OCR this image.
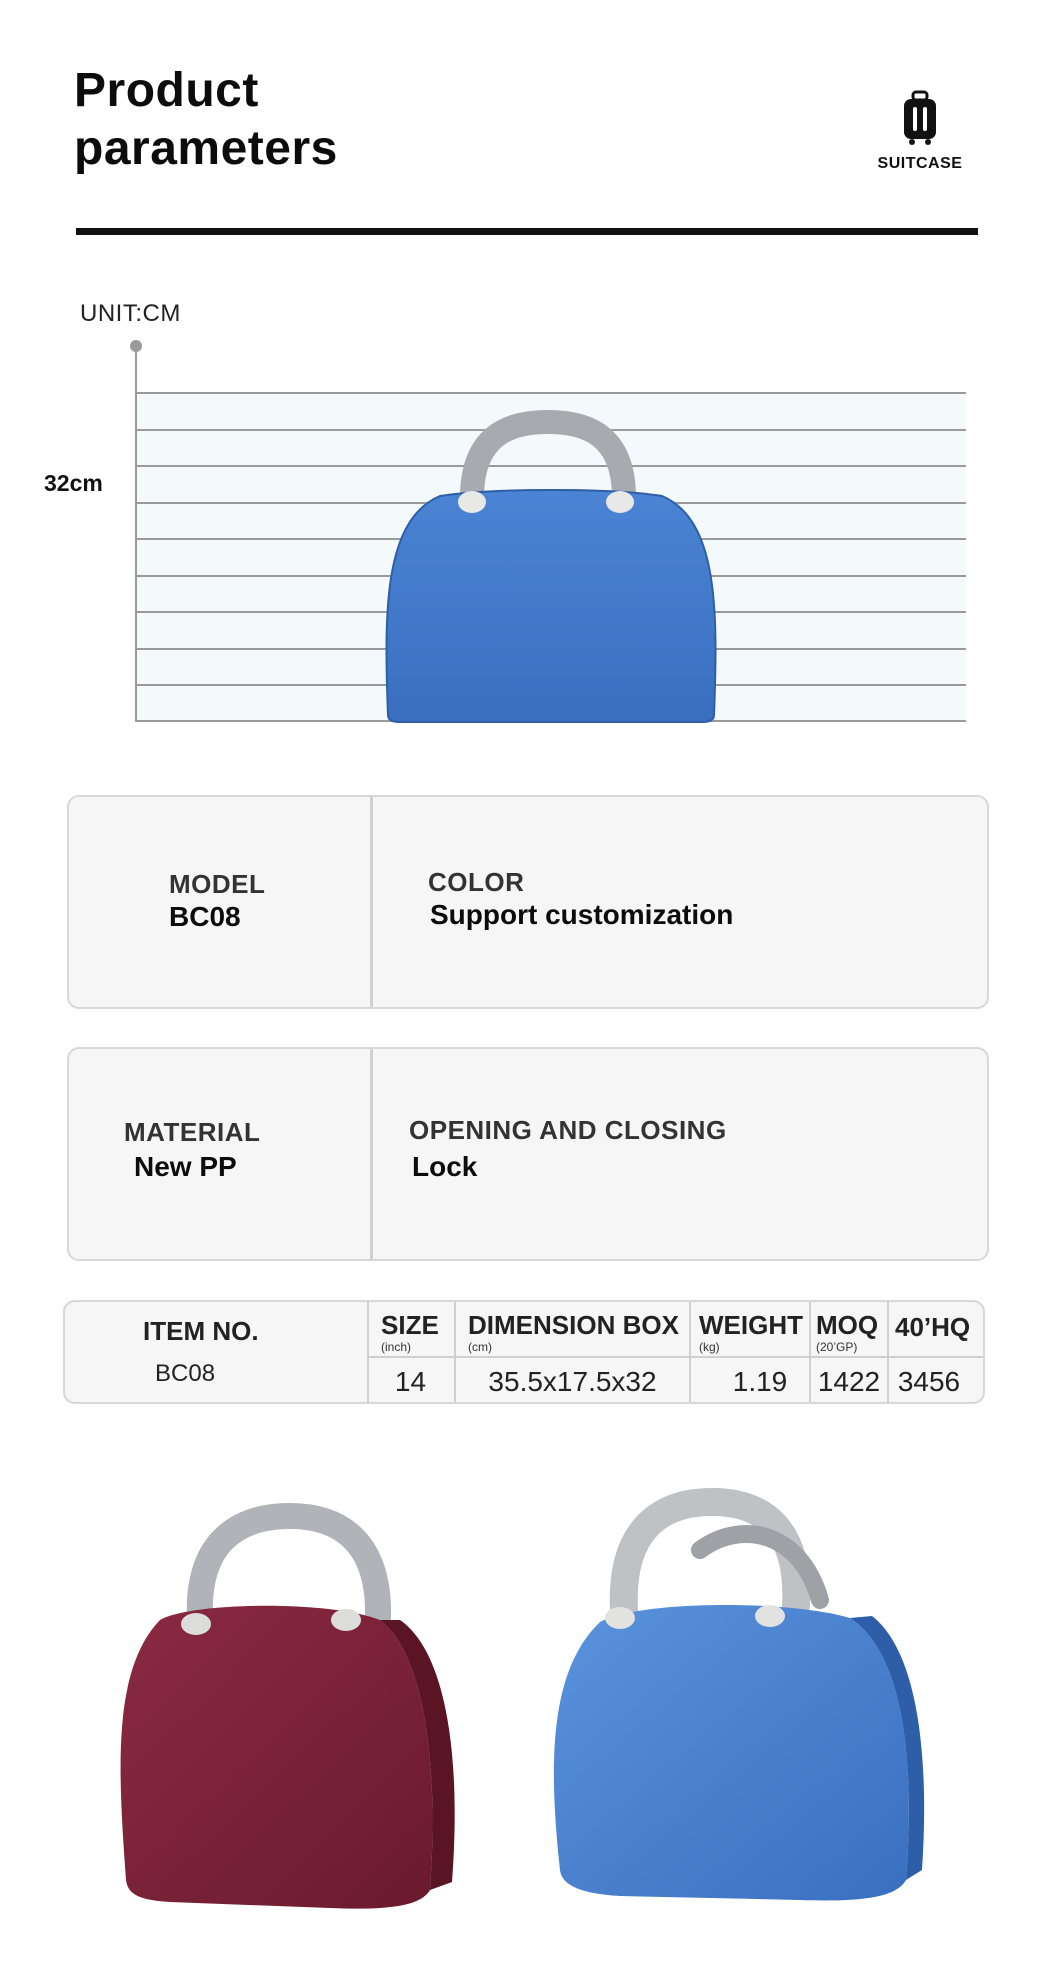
Product
parameters	SUITCASE
UNIT:CM
32cm
MODEL
BC08
COLOR
Support customization
MATERIAL
New PP
OPENING AND CLOSING
Lock
ITEM NO.
BC08
SIZE
(inch)
14
DIMENSION BOX
(cm)
35.5x17.5x32
WEIGHT
(kg)
1.19
MOQ
(20’GP)
1422
40’HQ
3456
